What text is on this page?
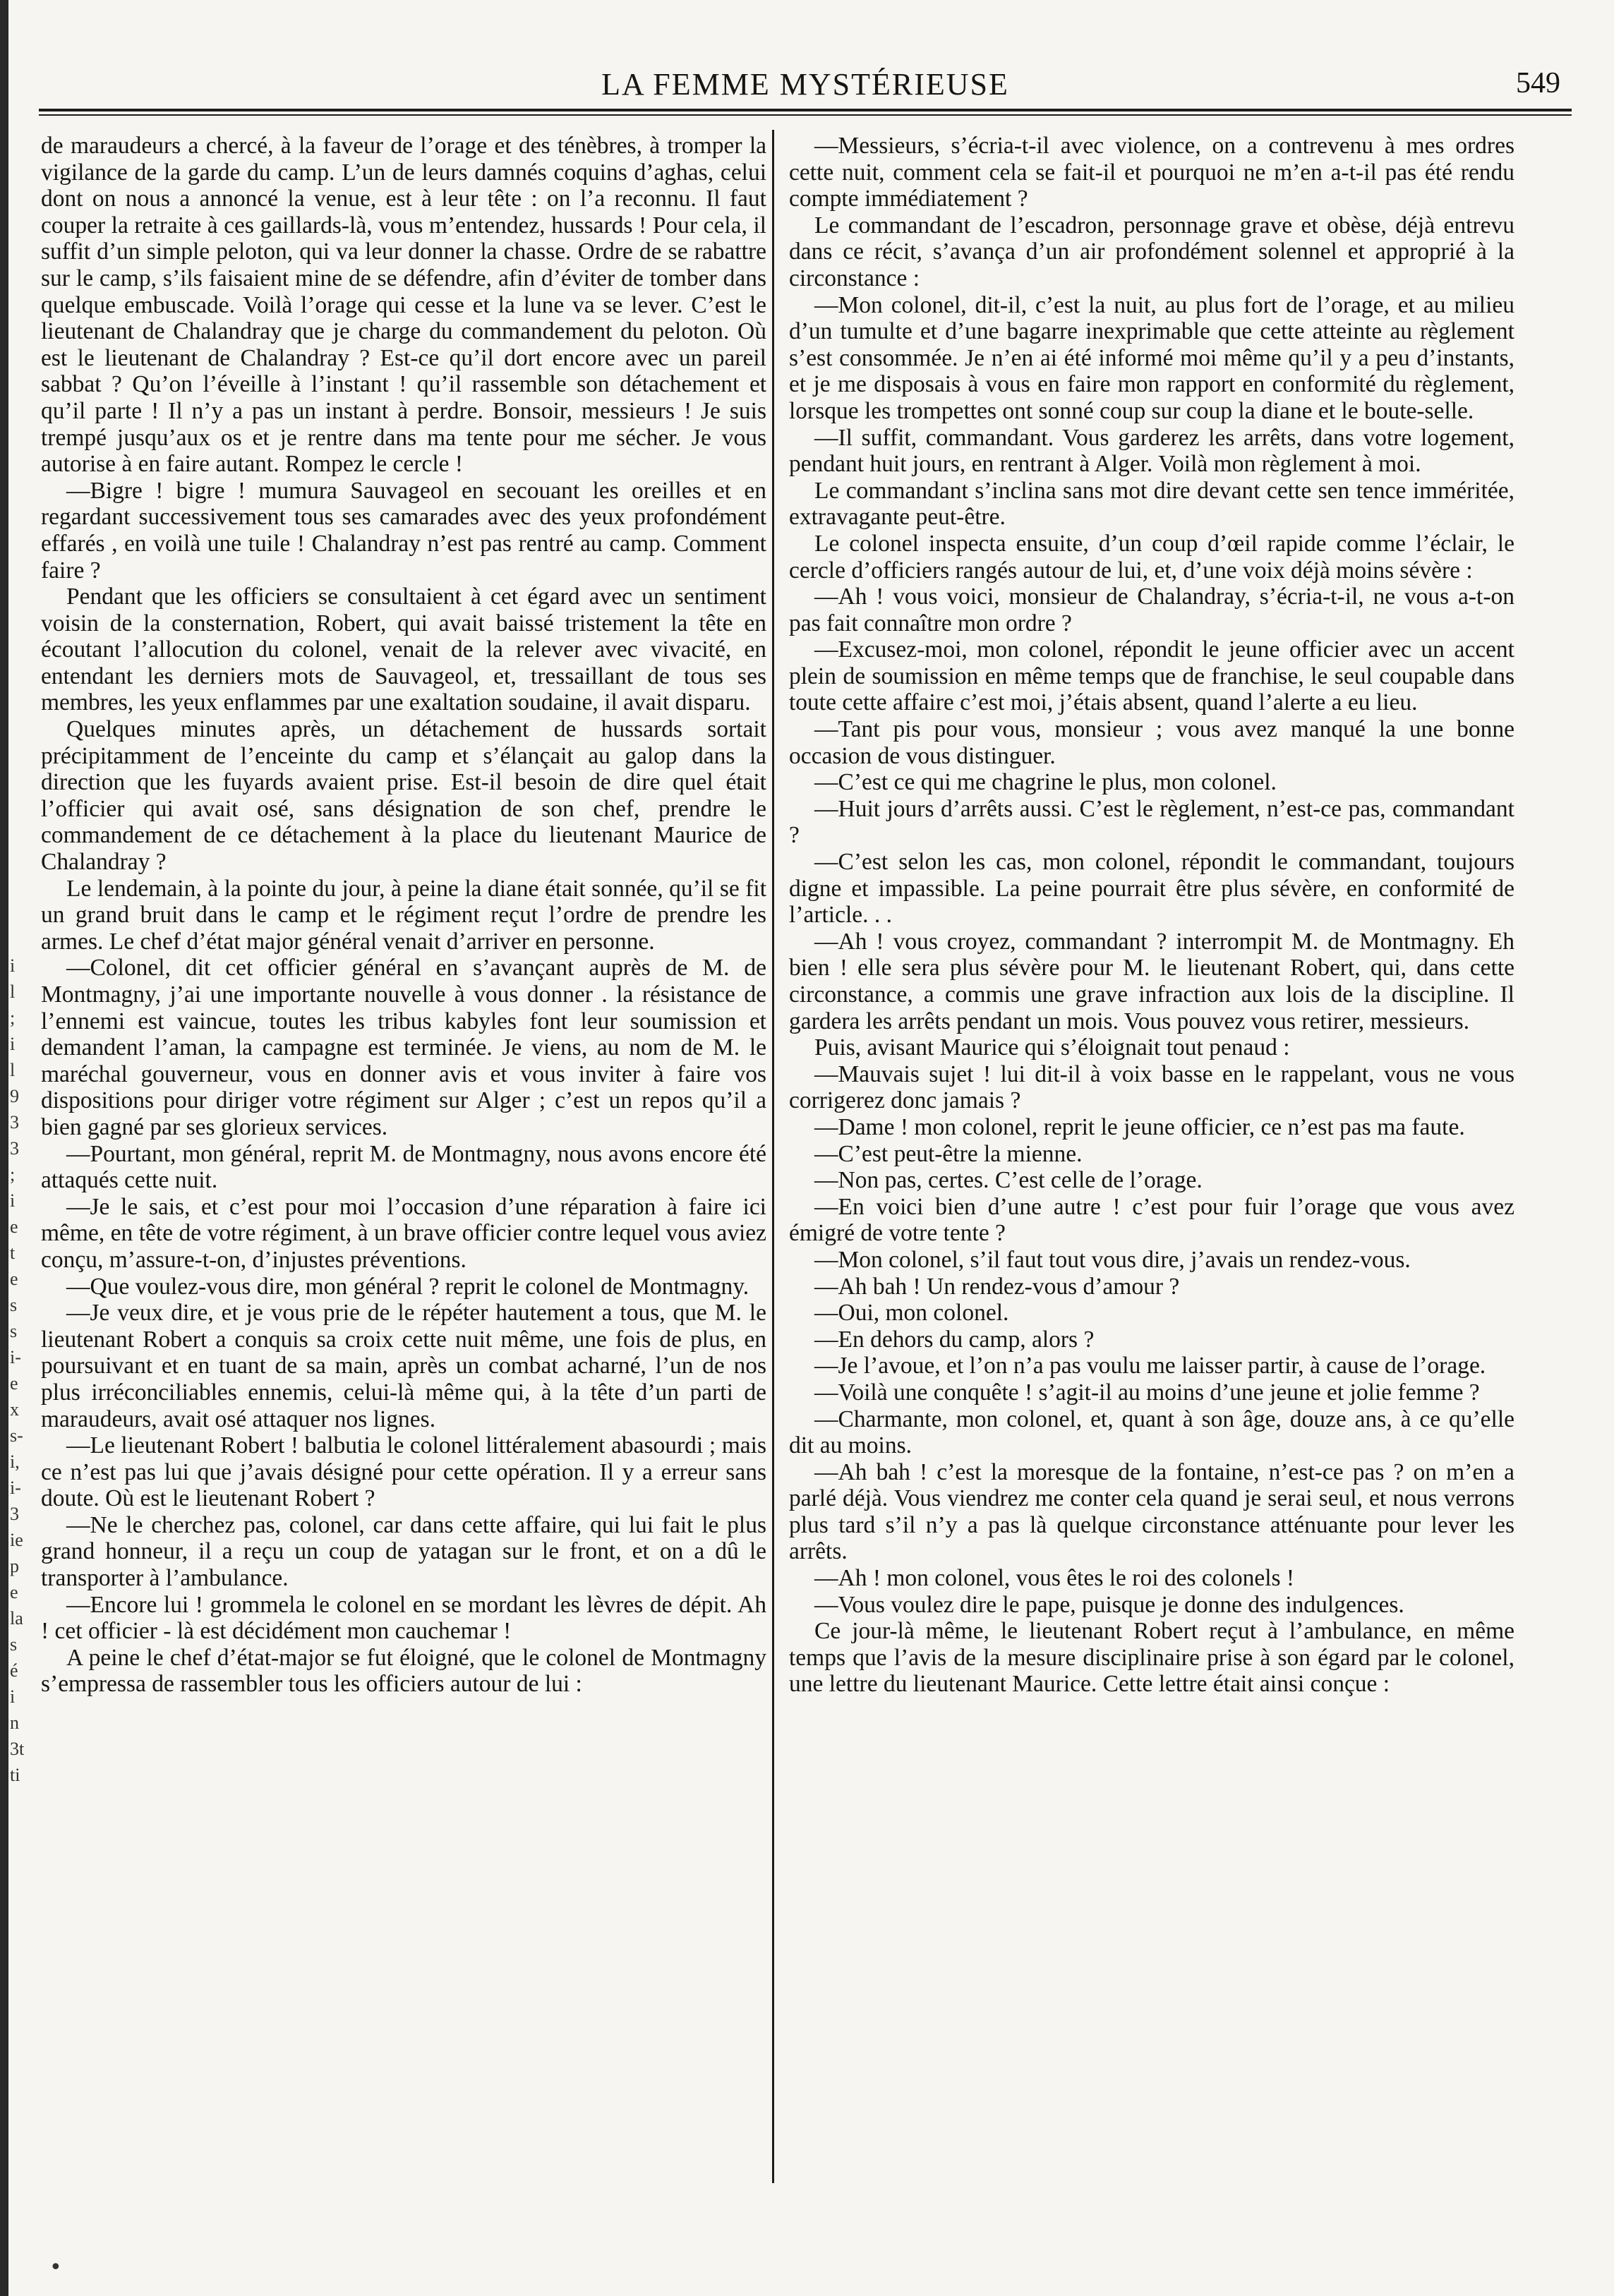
i
l
;
i
l
9
3
3
;
i
e
t
e
s
s
i-
e
x
s-
i,
i-
3
ie
p
e
la
s
é
i
n
3t
ti
LA FEMME MYSTÉRIEUSE	549

de maraudeurs a chercé, à la faveur de l’orage et des ténèbres, à tromper la vigilance de la garde du camp. L’un de leurs damnés coquins d’aghas, celui dont on nous a annoncé la venue, est à leur tête : on l’a reconnu. Il faut couper la retraite à ces gaillards-là, vous m’entendez, hussards ! Pour cela, il suffit d’un simple peloton, qui va leur donner la chasse. Ordre de se rabattre sur le camp, s’ils faisaient mine de se défendre, afin d’éviter de tomber dans quelque embuscade. Voilà l’orage qui cesse et la lune va se lever. C’est le lieutenant de Chalandray que je charge du commandement du peloton. Où est le lieutenant de Chalandray ? Est-ce qu’il dort encore avec un pareil sabbat ? Qu’on l’éveille à l’instant ! qu’il rassemble son détachement et qu’il parte ! Il n’y a pas un instant à perdre. Bonsoir, messieurs ! Je suis trempé jusqu’aux os et je rentre dans ma tente pour me sécher. Je vous autorise à en faire autant. Rompez le cercle !

—Bigre ! bigre ! mumura Sauvageol en secouant les oreilles et en regardant successivement tous ses camarades avec des yeux profondément effarés , en voilà une tuile ! Chalandray n’est pas rentré au camp. Comment faire ?

Pendant que les officiers se consultaient à cet égard avec un sentiment voisin de la consternation, Robert, qui avait baissé tristement la tête en écoutant l’allocution du colonel, venait de la relever avec vivacité, en entendant les derniers mots de Sauvageol, et, tressaillant de tous ses membres, les yeux enflammes par une exaltation soudaine, il avait disparu.

Quelques minutes après, un détachement de hussards sortait précipitamment de l’enceinte du camp et s’élançait au galop dans la direction que les fuyards avaient prise. Est-il besoin de dire quel était l’officier qui avait osé, sans désignation de son chef, prendre le commandement de ce détachement à la place du lieutenant Maurice de Chalandray ?

Le lendemain, à la pointe du jour, à peine la diane était sonnée, qu’il se fit un grand bruit dans le camp et le régiment reçut l’ordre de prendre les armes. Le chef d’état major général venait d’arriver en personne.

—Colonel, dit cet officier général en s’avançant auprès de M. de Montmagny, j’ai une importante nouvelle à vous donner . la résistance de l’ennemi est vaincue, toutes les tribus kabyles font leur soumission et demandent l’aman, la campagne est terminée. Je viens, au nom de M. le maréchal gouverneur, vous en donner avis et vous inviter à faire vos dispositions pour diriger votre régiment sur Alger ; c’est un repos qu’il a bien gagné par ses glorieux services.

—Pourtant, mon général, reprit M. de Montmagny, nous avons encore été attaqués cette nuit.

—Je le sais, et c’est pour moi l’occasion d’une réparation à faire ici même, en tête de votre régiment, à un brave officier contre lequel vous aviez conçu, m’assure-t-on, d’injustes préventions.

—Que voulez-vous dire, mon général ? reprit le colonel de Montmagny.

—Je veux dire, et je vous prie de le répéter hautement a tous, que M. le lieutenant Robert a conquis sa croix cette nuit même, une fois de plus, en poursuivant et en tuant de sa main, après un combat acharné, l’un de nos plus irréconciliables ennemis, celui-là même qui, à la tête d’un parti de maraudeurs, avait osé attaquer nos lignes.

—Le lieutenant Robert ! balbutia le colonel littéralement abasourdi ; mais ce n’est pas lui que j’avais désigné pour cette opération. Il y a erreur sans doute. Où est le lieutenant Robert ?

—Ne le cherchez pas, colonel, car dans cette affaire, qui lui fait le plus grand honneur, il a reçu un coup de yatagan sur le front, et on a dû le transporter à l’ambulance.

—Encore lui ! grommela le colonel en se mordant les lèvres de dépit. Ah ! cet officier - là est décidément mon cauchemar !

A peine le chef d’état-major se fut éloigné, que le colonel de Montmagny s’empressa de rassembler tous les officiers autour de lui :

—Messieurs, s’écria-t-il avec violence, on a contrevenu à mes ordres cette nuit, comment cela se fait-il et pourquoi ne m’en a-t-il pas été rendu compte immédiatement ?

Le commandant de l’escadron, personnage grave et obèse, déjà entrevu dans ce récit, s’avança d’un air profondément solennel et approprié à la circonstance :

—Mon colonel, dit-il, c’est la nuit, au plus fort de l’orage, et au milieu d’un tumulte et d’une bagarre inexprimable que cette atteinte au règlement s’est consommée. Je n’en ai été informé moi même qu’il y a peu d’instants, et je me disposais à vous en faire mon rapport en conformité du règlement, lorsque les trompettes ont sonné coup sur coup la diane et le boute-selle.

—Il suffit, commandant. Vous garderez les arrêts, dans votre logement, pendant huit jours, en rentrant à Alger. Voilà mon règlement à moi.

Le commandant s’inclina sans mot dire devant cette sen tence imméritée, extravagante peut-être.

Le colonel inspecta ensuite, d’un coup d’œil rapide comme l’éclair, le cercle d’officiers rangés autour de lui, et, d’une voix déjà moins sévère :

—Ah ! vous voici, monsieur de Chalandray, s’écria-t-il, ne vous a-t-on pas fait connaître mon ordre ?

—Excusez-moi, mon colonel, répondit le jeune officier avec un accent plein de soumission en même temps que de franchise, le seul coupable dans toute cette affaire c’est moi, j’étais absent, quand l’alerte a eu lieu.

—Tant pis pour vous, monsieur ; vous avez manqué la une bonne occasion de vous distinguer.

—C’est ce qui me chagrine le plus, mon colonel.

—Huit jours d’arrêts aussi. C’est le règlement, n’est-ce pas, commandant ?

—C’est selon les cas, mon colonel, répondit le commandant, toujours digne et impassible. La peine pourrait être plus sévère, en conformité de l’article. . .

—Ah ! vous croyez, commandant ? interrompit M. de Montmagny. Eh bien ! elle sera plus sévère pour M. le lieutenant Robert, qui, dans cette circonstance, a commis une grave infraction aux lois de la discipline. Il gardera les arrêts pendant un mois. Vous pouvez vous retirer, messieurs.

Puis, avisant Maurice qui s’éloignait tout penaud :

—Mauvais sujet ! lui dit-il à voix basse en le rappelant, vous ne vous corrigerez donc jamais ?

—Dame ! mon colonel, reprit le jeune officier, ce n’est pas ma faute.

—C’est peut-être la mienne.

—Non pas, certes. C’est celle de l’orage.

—En voici bien d’une autre ! c’est pour fuir l’orage que vous avez émigré de votre tente ?

—Mon colonel, s’il faut tout vous dire, j’avais un rendez-vous.

—Ah bah ! Un rendez-vous d’amour ?

—Oui, mon colonel.

—En dehors du camp, alors ?

—Je l’avoue, et l’on n’a pas voulu me laisser partir, à cause de l’orage.

—Voilà une conquête ! s’agit-il au moins d’une jeune et jolie femme ?

—Charmante, mon colonel, et, quant à son âge, douze ans, à ce qu’elle dit au moins.

—Ah bah ! c’est la moresque de la fontaine, n’est-ce pas ? on m’en a parlé déjà. Vous viendrez me conter cela quand je serai seul, et nous verrons plus tard s’il n’y a pas là quelque circonstance atténuante pour lever les arrêts.

—Ah ! mon colonel, vous êtes le roi des colonels !

—Vous voulez dire le pape, puisque je donne des indulgences.

Ce jour-là même, le lieutenant Robert reçut à l’ambulance, en même temps que l’avis de la mesure disciplinaire prise à son égard par le colonel, une lettre du lieutenant Maurice. Cette lettre était ainsi conçue :

•
